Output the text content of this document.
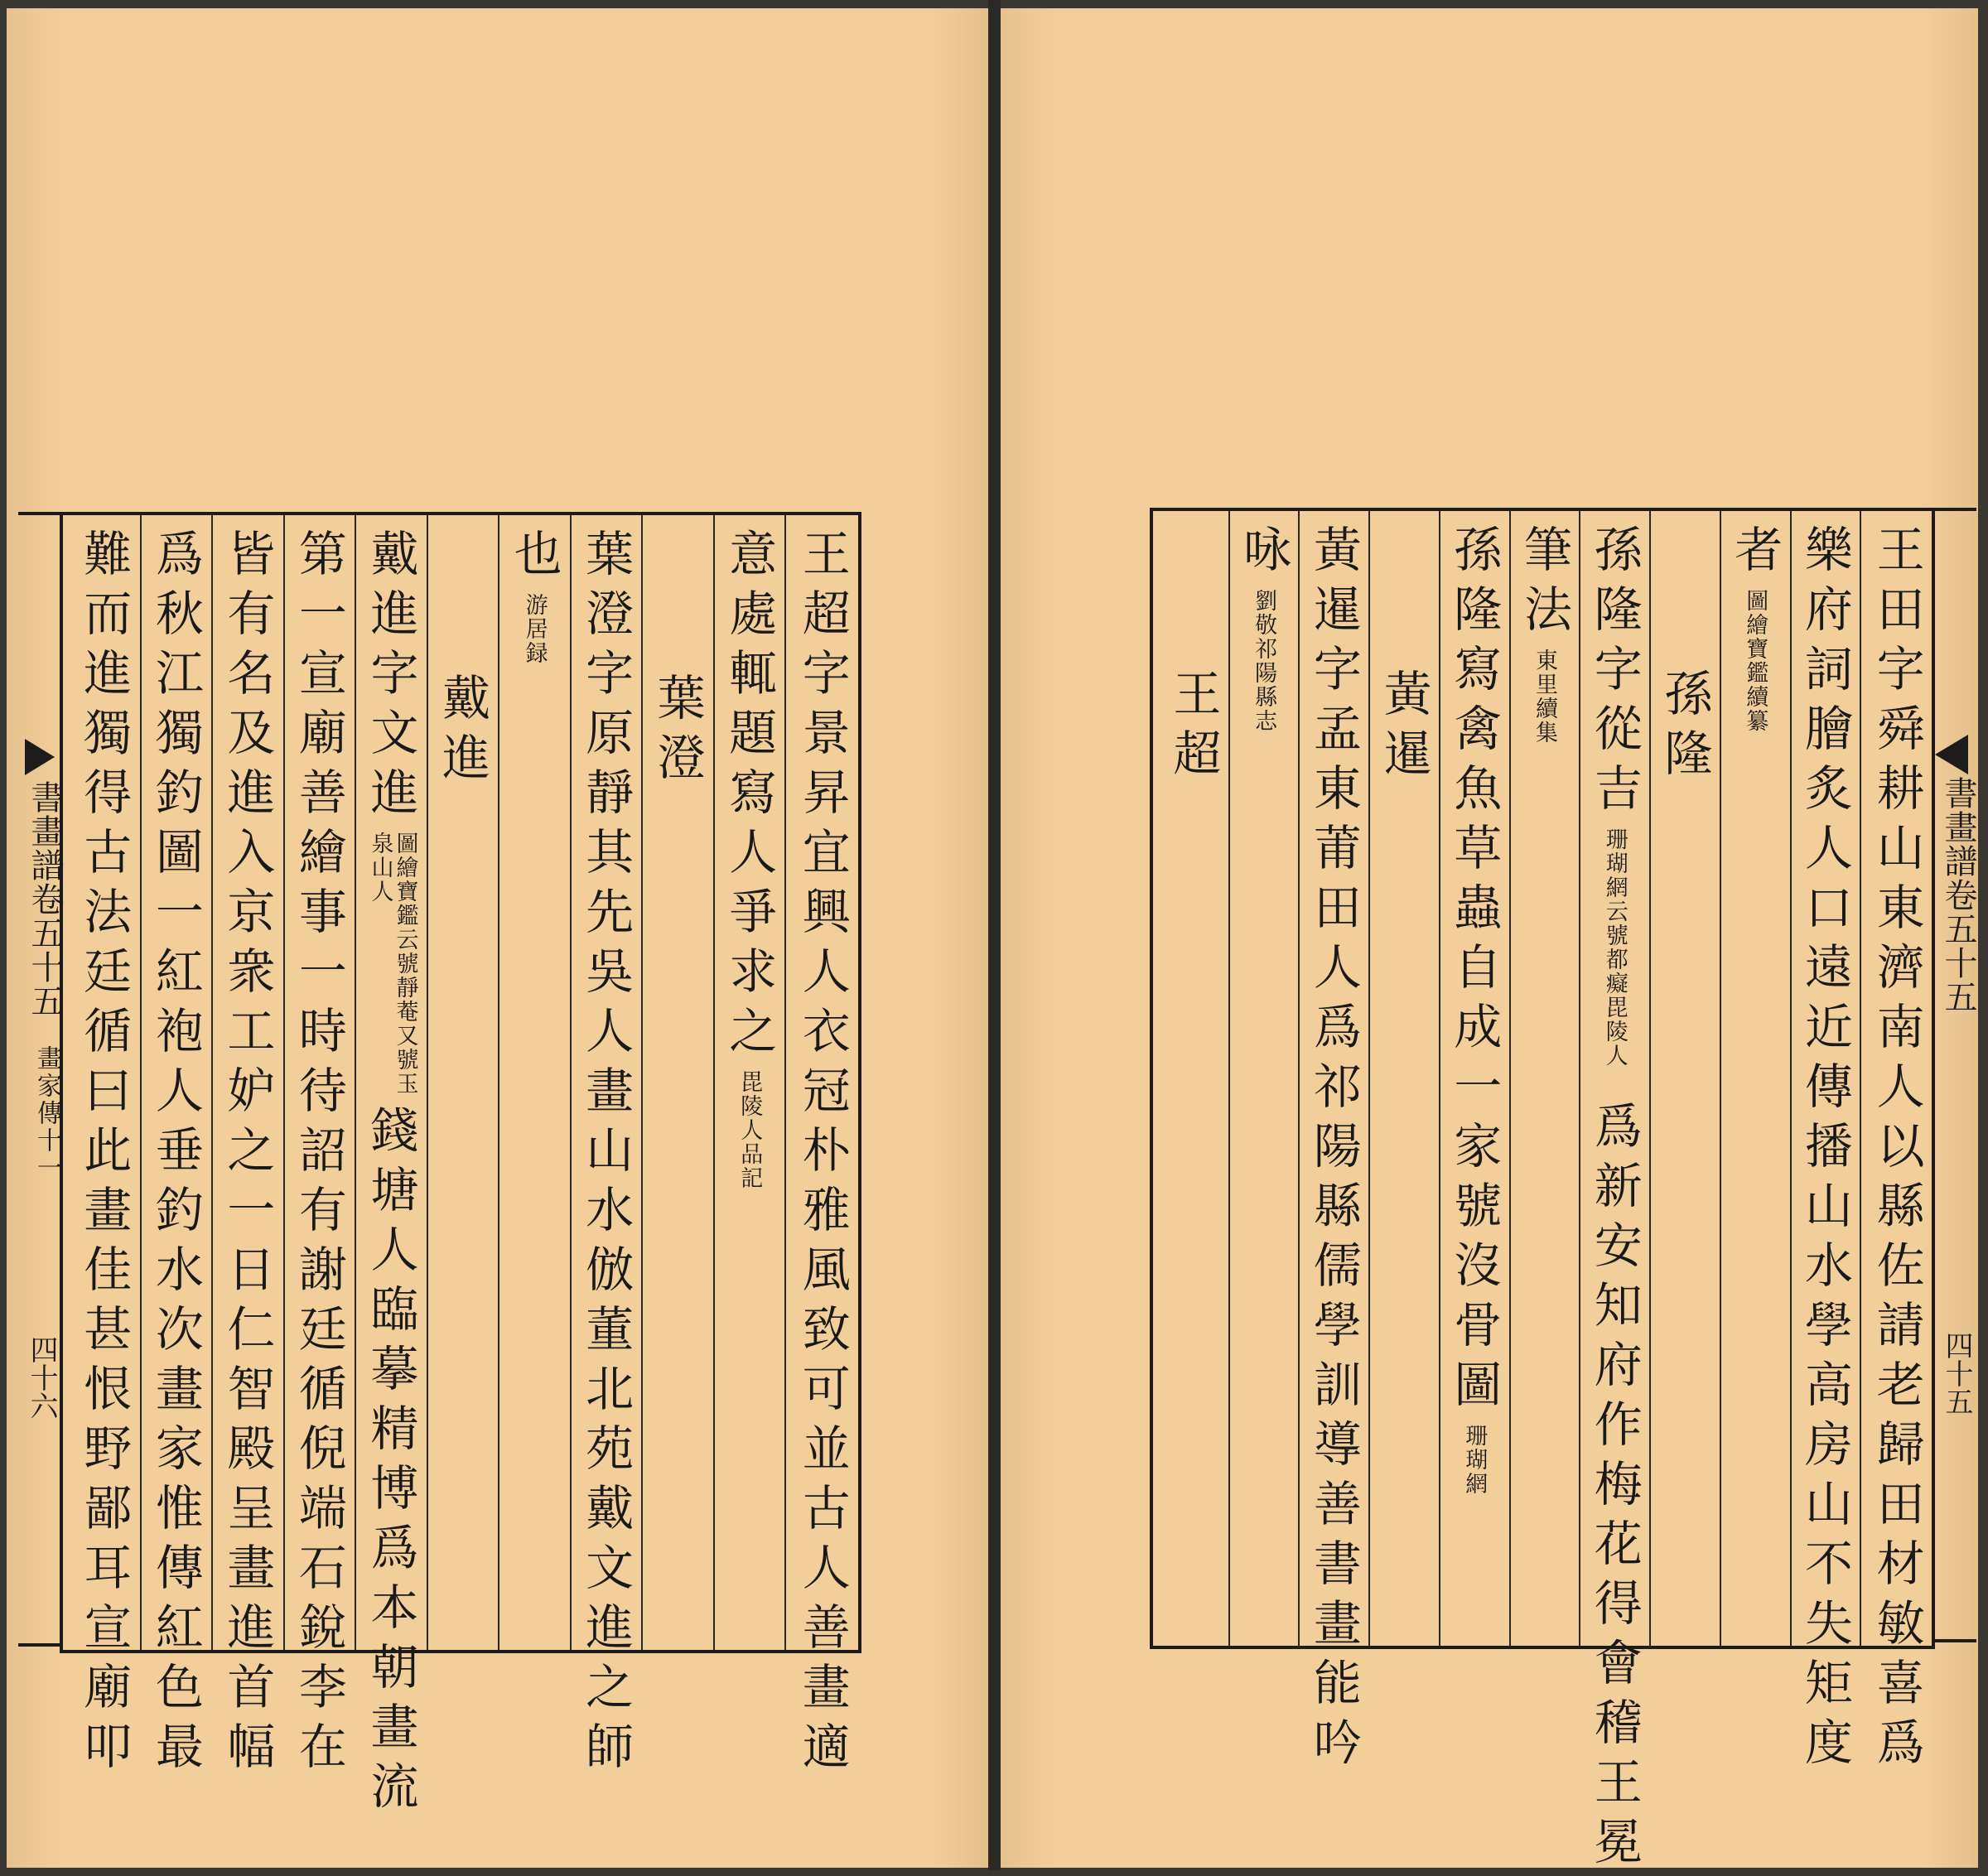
王超字景昇宜興人衣冠朴雅風致可並古人善畫適
意處輒題寫人爭求之
毘陵人品記
葉澄
葉澄字原靜其先吳人畫山水倣董北苑戴文進之師
也
游居録
戴進
戴進字文進
圖繪寶鑑云號靜菴又號玉泉山人
錢塘人臨摹精博爲本朝畫流
第一宣廟善繪事一時待詔有謝廷循倪端石銳李在
皆有名及進入京衆工妒之一日仁智殿呈畫進首幅
爲秋江獨釣圖一紅袍人垂釣水次畫家惟傳紅色最
難而進獨得古法廷循曰此畫佳甚恨野鄙耳宣廟叩
書畫譜卷五十五
畫家傳十一
四十六	王田字舜耕山東濟南人以縣佐請老歸田材敏喜爲
樂府詞膾炙人口遠近傳播山水學高房山不失矩度
者
圖繪寶鑑續纂
孫隆
孫隆字從吉
珊瑚網云號都癡毘陵人
爲新安知府作梅花得會稽王冕
筆法
東里續集
孫隆寫禽魚草蟲自成一家號沒骨圖
珊瑚網
黃暹
黃暹字孟東莆田人爲祁陽縣儒學訓導善書畫能吟
咏
劉敬祁陽縣志
王超
書畫譜卷五十五
四十五
